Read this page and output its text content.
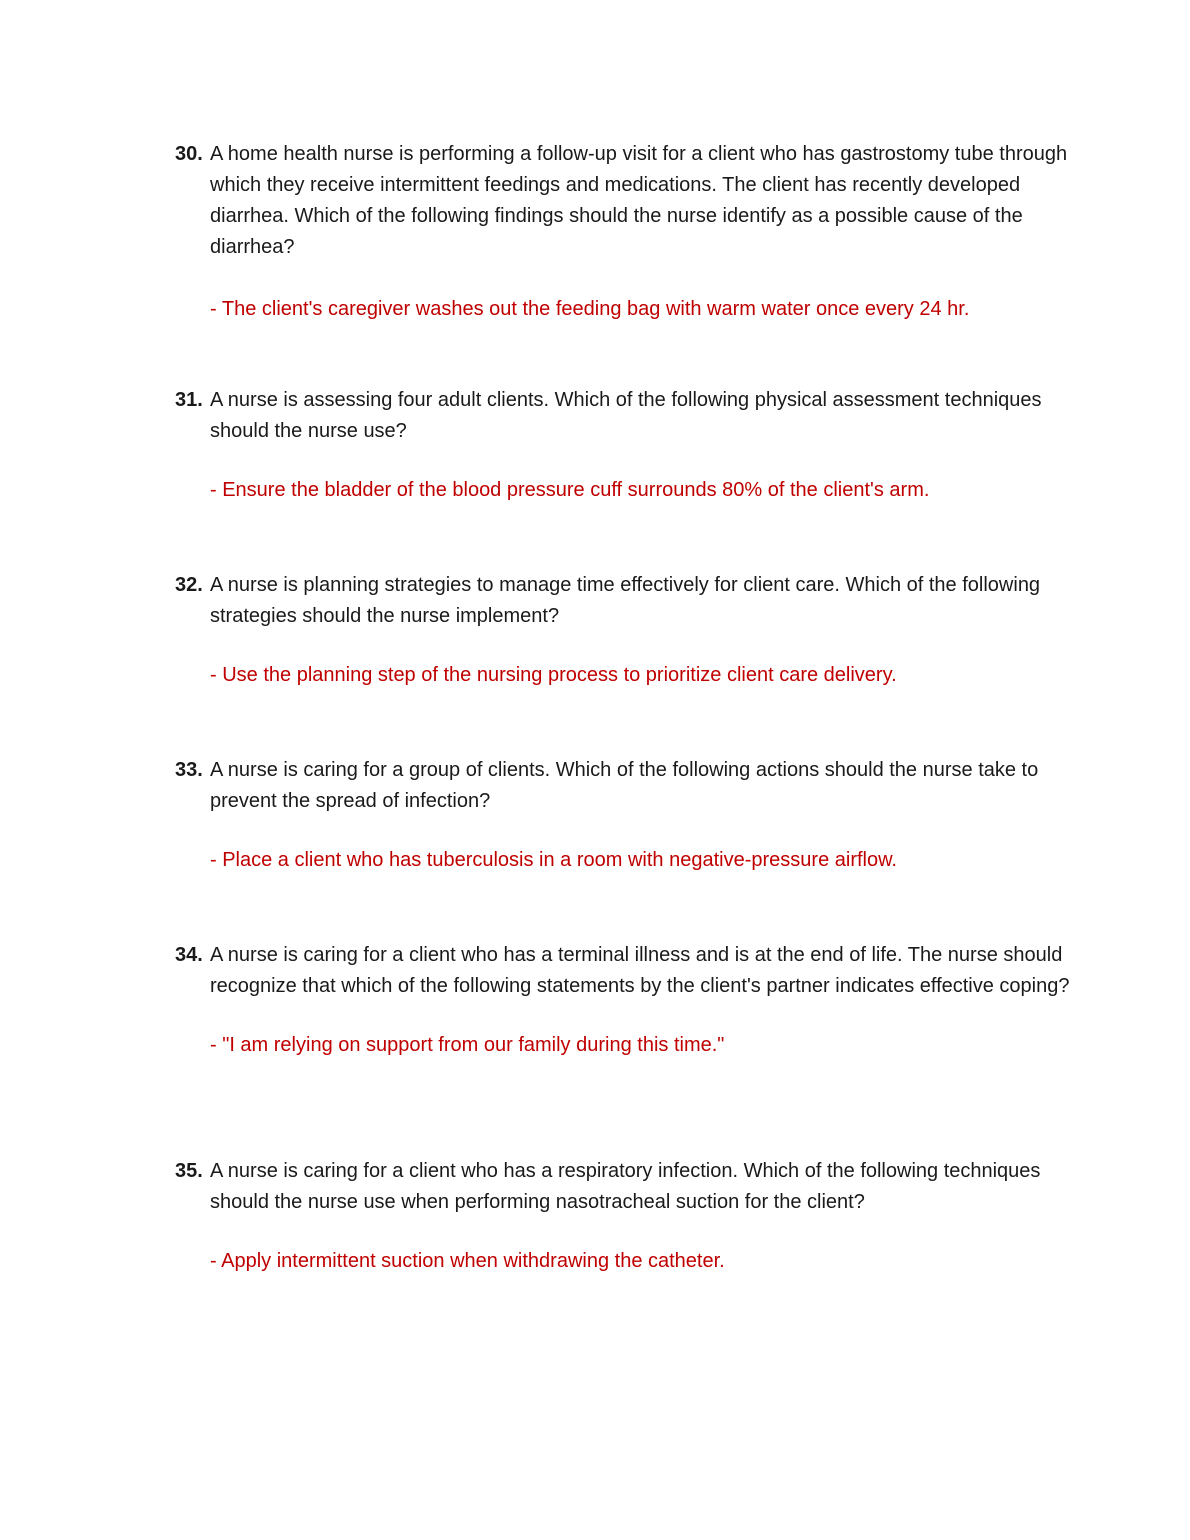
30. A home health nurse is performing a follow-up visit for a client who has gastrostomy tube through which they receive intermittent feedings and medications. The client has recently developed diarrhea. Which of the following findings should the nurse identify as a possible cause of the diarrhea?
- The client's caregiver washes out the feeding bag with warm water once every 24 hr.
31. A nurse is assessing four adult clients. Which of the following physical assessment techniques should the nurse use?
- Ensure the bladder of the blood pressure cuff surrounds 80% of the client's arm.
32. A nurse is planning strategies to manage time effectively for client care. Which of the following strategies should the nurse implement?
- Use the planning step of the nursing process to prioritize client care delivery.
33. A nurse is caring for a group of clients. Which of the following actions should the nurse take to prevent the spread of infection?
- Place a client who has tuberculosis in a room with negative-pressure airflow.
34. A nurse is caring for a client who has a terminal illness and is at the end of life. The nurse should recognize that which of the following statements by the client's partner indicates effective coping?
- "I am relying on support from our family during this time."
35. A nurse is caring for a client who has a respiratory infection. Which of the following techniques should the nurse use when performing nasotracheal suction for the client?
- Apply intermittent suction when withdrawing the catheter.
